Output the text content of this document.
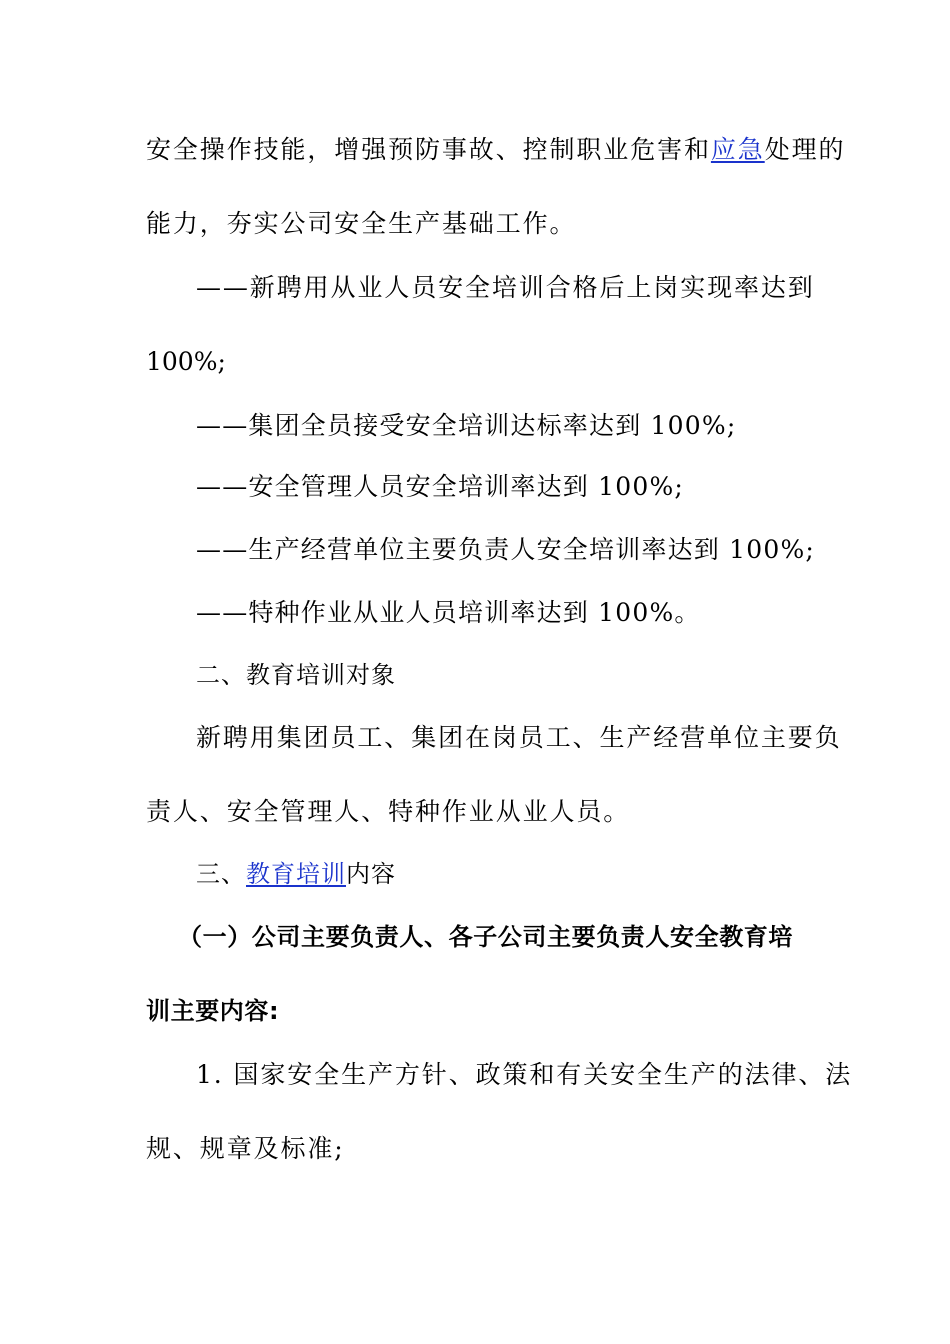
安全操作技能，增强预防事故、控制职业危害和应急处理的
能力，夯实公司安全生产基础工作。
——新聘用从业人员安全培训合格后上岗实现率达到
100%;
——集团全员接受安全培训达标率达到 100%;
——安全管理人员安全培训率达到 100%;
——生产经营单位主要负责人安全培训率达到 100%;
——特种作业从业人员培训率达到 100%。
二、教育培训对象
新聘用集团员工、集团在岗员工、生产经营单位主要负
责人、安全管理人、特种作业从业人员。
三、教育培训内容
（一）公司主要负责人、各子公司主要负责人安全教育培
训主要内容:
1. 国家安全生产方针、政策和有关安全生产的法律、法
规、规章及标准;
